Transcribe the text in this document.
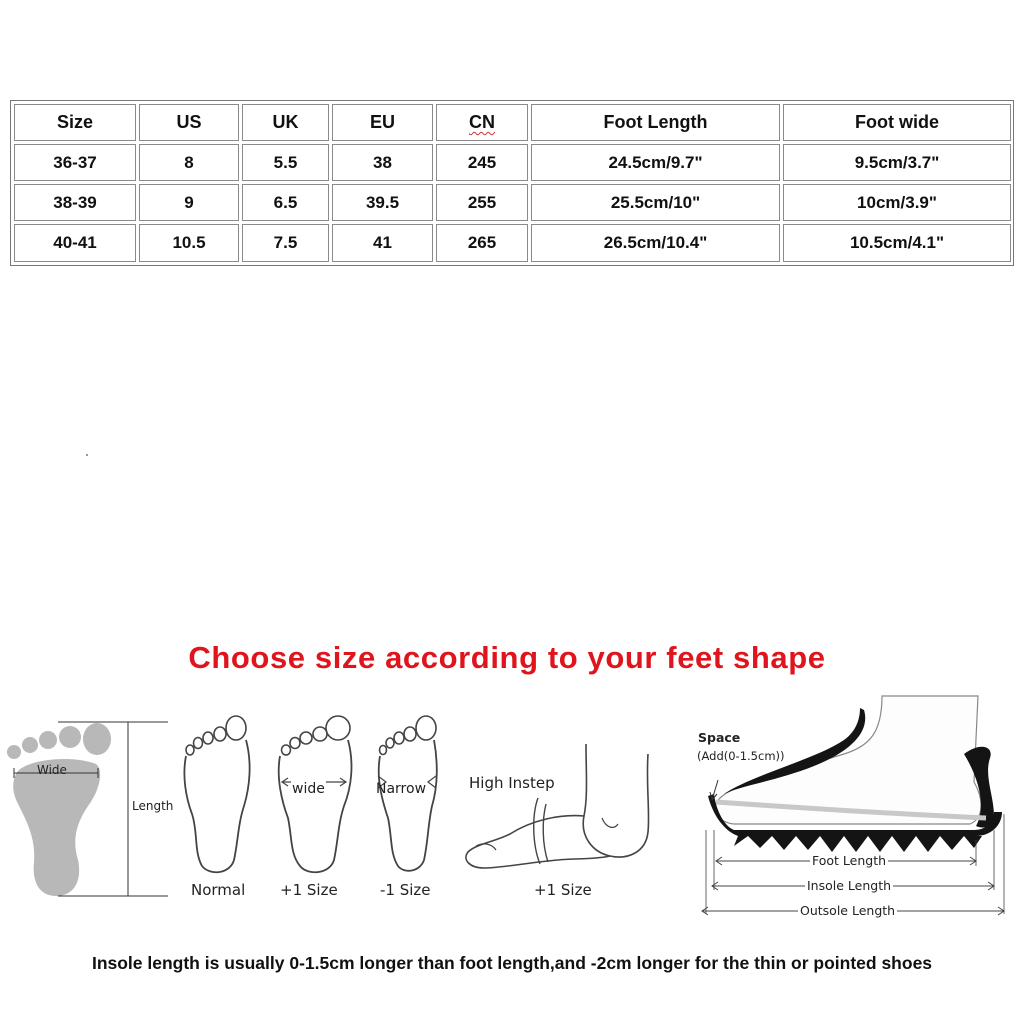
Size	US	UK	EU	CN	Foot Length	Foot wide
36-37	8	5.5	38	245	24.5cm/9.7"	9.5cm/3.7"
38-39	9	6.5	39.5	255	25.5cm/10"	10cm/3.9"
40-41	10.5	7.5	41	265	26.5cm/10.4"	10.5cm/4.1"
Choose size according to your feet shape
Wide
Length
Normal
wide
+1 Size
Narrow
-1 Size
High Instep
+1 Size
Space
(Add(0-1.5cm))
Foot Length
Insole Length
Outsole Length
Insole length is usually 0-1.5cm longer than foot length,and -2cm longer for the thin or pointed shoes
